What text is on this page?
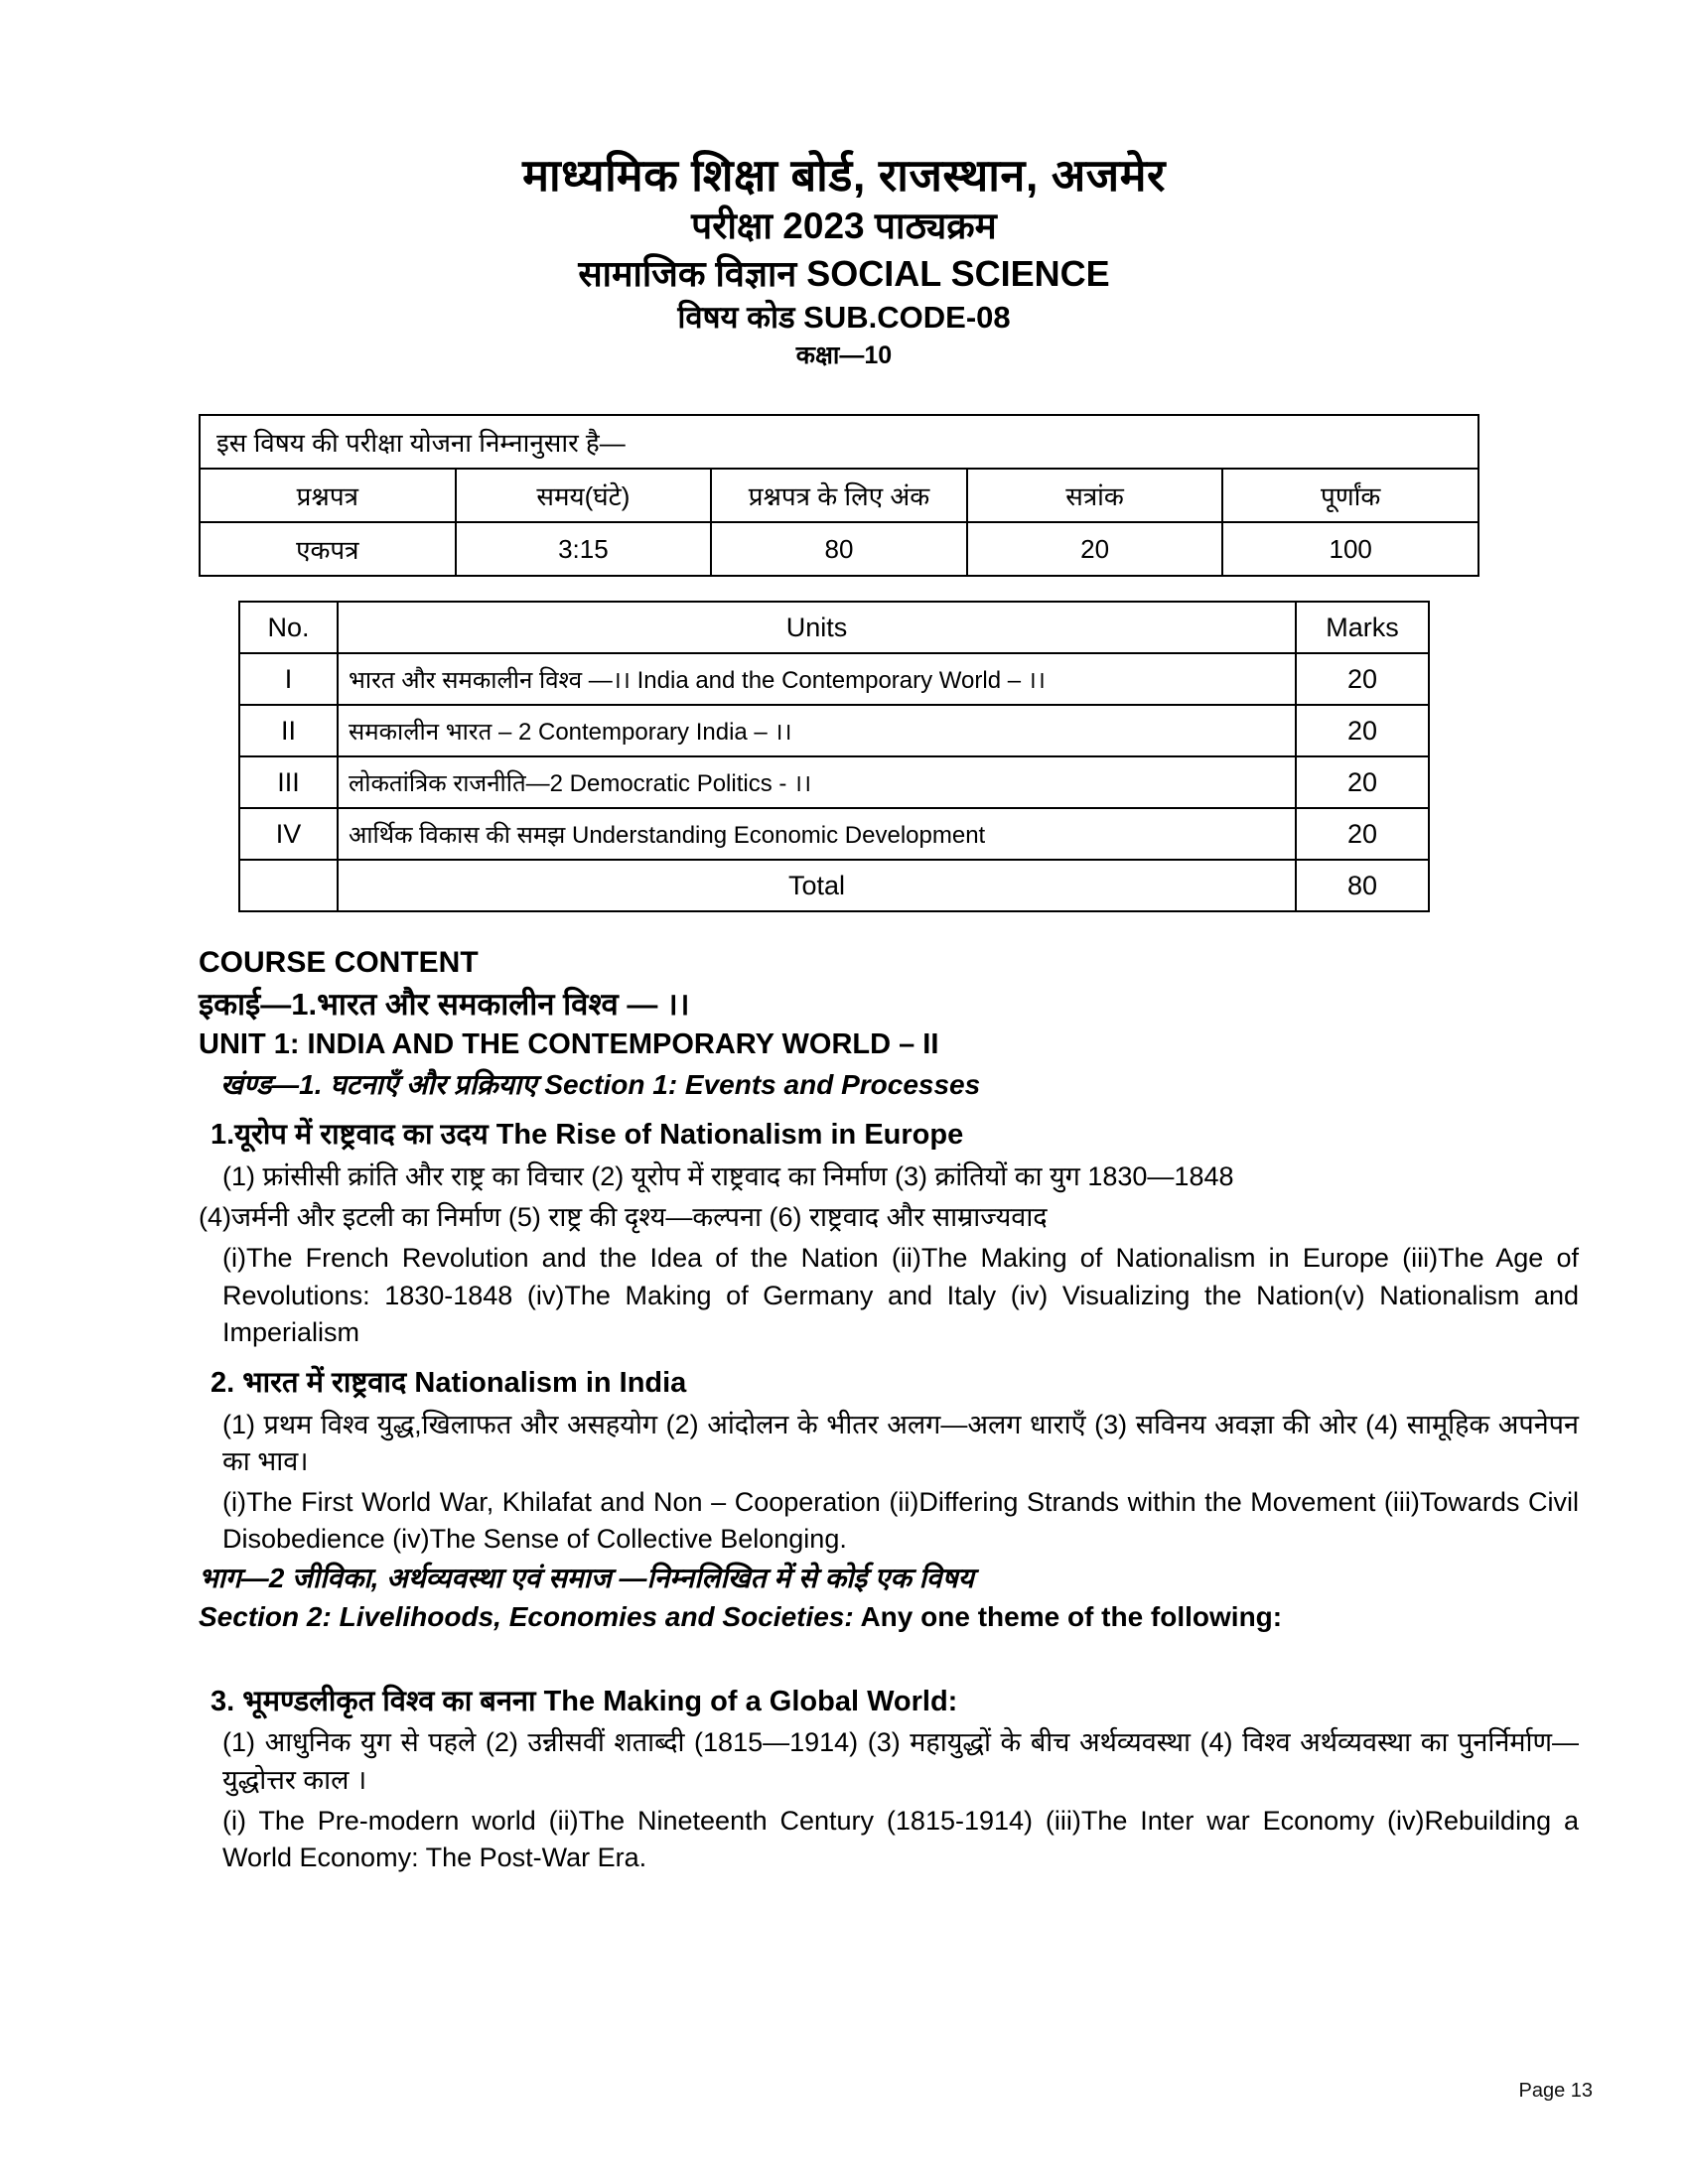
माध्यमिक शिक्षा बोर्ड, राजस्थान, अजमेर
परीक्षा 2023 पाठ्यक्रम
सामाजिक विज्ञान SOCIAL SCIENCE
विषय कोड SUB.CODE-08
कक्षा—10
इस विषय की परीक्षा योजना निम्नानुसार है—				
प्रश्नपत्र	समय(घंटे)	प्रश्नपत्र के लिए अंक	सत्रांक	पूर्णांक
एकपत्र	3:15	80	20	100
No.	Units	Marks
I	भारत और समकालीन विश्व —।। India and the Contemporary World – ।।	20
II	समकालीन भारत – 2 Contemporary India – ।।	20
III	लोकतांत्रिक राजनीति—2 Democratic Politics - ।।	20
IV	आर्थिक विकास की समझ Understanding Economic Development	20
	Total	80
COURSE CONTENT
इकाई—1.भारत और समकालीन विश्व — ।।
UNIT 1: INDIA AND THE CONTEMPORARY WORLD – II
खंण्ड—1. घटनाएँ और प्रक्रियाए Section 1: Events and Processes
1.यूरोप में राष्ट्रवाद का उदय The Rise of Nationalism in Europe
(1) फ्रांसीसी क्रांति और राष्ट्र का विचार (2) यूरोप में राष्ट्रवाद का निर्माण (3) क्रांतियों का युग 1830—1848
(4)जर्मनी और इटली का निर्माण (5) राष्ट्र की दृश्य—कल्पना (6) राष्ट्रवाद और साम्राज्यवाद
(i)The French Revolution and the Idea of the Nation (ii)The Making of Nationalism in Europe (iii)The Age of Revolutions: 1830-1848 (iv)The Making of Germany and Italy (iv) Visualizing the Nation(v) Nationalism and Imperialism
2. भारत में राष्ट्रवाद Nationalism in India
(1) प्रथम विश्व युद्ध,खिलाफत और असहयोग (2) आंदोलन के भीतर अलग—अलग धाराएँ (3) सविनय अवज्ञा की ओर (4) सामूहिक अपनेपन का भाव।
(i)The First World War, Khilafat and Non – Cooperation (ii)Differing Strands within the Movement (iii)Towards Civil Disobedience (iv)The Sense of Collective Belonging.
भाग—2 जीविका, अर्थव्यवस्था एवं समाज —निम्नलिखित में से कोई एक विषय
Section 2: Livelihoods, Economies and Societies: Any one theme of the following:
3. भूमण्डलीकृत विश्व का बनना The Making of a Global World:
(1) आधुनिक युग से पहले (2) उन्नीसवीं शताब्दी (1815—1914) (3) महायुद्धों के बीच अर्थव्यवस्था (4) विश्व अर्थव्यवस्था का पुनर्निर्माण—युद्धोत्तर काल ।
(i) The Pre-modern world (ii)The Nineteenth Century (1815-1914) (iii)The Inter war Economy (iv)Rebuilding a World Economy: The Post-War Era.
Page 13
